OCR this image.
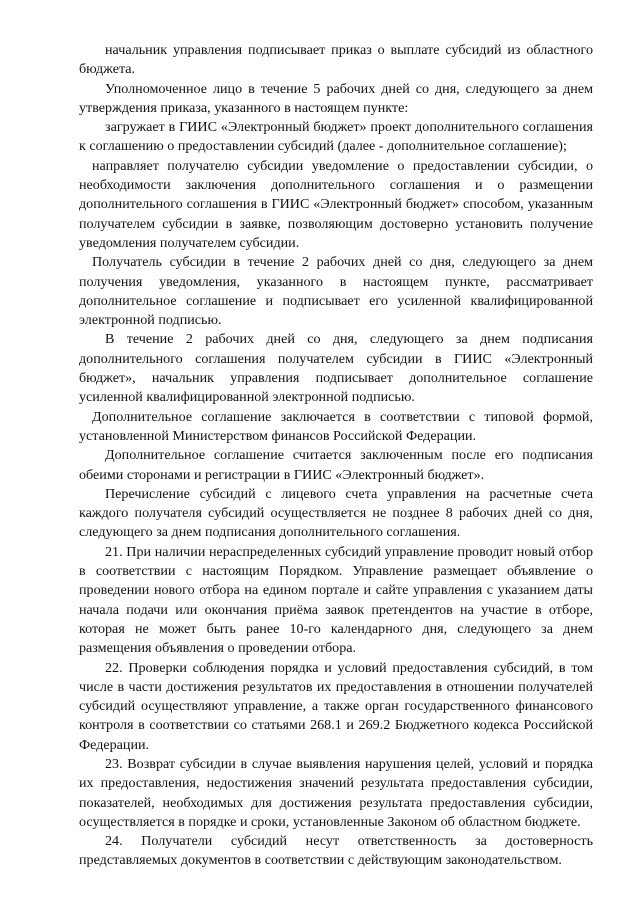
начальник управления подписывает приказ о выплате субсидий из областного бюджета.

Уполномоченное лицо в течение 5 рабочих дней со дня, следующего за днем утверждения приказа, указанного в настоящем пункте:

загружает в ГИИС «Электронный бюджет» проект дополнительного соглашения к соглашению о предоставлении субсидий (далее - дополнительное соглашение);

направляет получателю субсидии уведомление о предоставлении субсидии, о необходимости заключения дополнительного соглашения и о размещении дополнительного соглашения в ГИИС «Электронный бюджет» способом, указанным получателем субсидии в заявке, позволяющим достоверно установить получение уведомления получателем субсидии.

Получатель субсидии в течение 2 рабочих дней со дня, следующего за днем получения уведомления, указанного в настоящем пункте, рассматривает дополнительное соглашение и подписывает его усиленной квалифицированной электронной подписью.

В течение 2 рабочих дней со дня, следующего за днем подписания дополнительного соглашения получателем субсидии в ГИИС «Электронный бюджет», начальник управления подписывает дополнительное соглашение усиленной квалифицированной электронной подписью.

Дополнительное соглашение заключается в соответствии с типовой формой, установленной Министерством финансов Российской Федерации.

Дополнительное соглашение считается заключенным после его подписания обеими сторонами и регистрации в ГИИС «Электронный бюджет».

Перечисление субсидий с лицевого счета управления на расчетные счета каждого получателя субсидий осуществляется не позднее 8 рабочих дней со дня, следующего за днем подписания дополнительного соглашения.

21. При наличии нераспределенных субсидий управление проводит новый отбор в соответствии с настоящим Порядком. Управление размещает объявление о проведении нового отбора на едином портале и сайте управления с указанием даты начала подачи или окончания приёма заявок претендентов на участие в отборе, которая не может быть ранее 10-го календарного дня, следующего за днем размещения объявления о проведении отбора.

22. Проверки соблюдения порядка и условий предоставления субсидий, в том числе в части достижения результатов их предоставления в отношении получателей субсидий осуществляют управление, а также орган государственного финансового контроля в соответствии со статьями 268.1 и 269.2 Бюджетного кодекса Российской Федерации.

23. Возврат субсидии в случае выявления нарушения целей, условий и порядка их предоставления, недостижения значений результата предоставления субсидии, показателей, необходимых для достижения результата предоставления субсидии, осуществляется в порядке и сроки, установленные Законом об областном бюджете.

24. Получатели субсидий несут ответственность за достоверность представляемых документов в соответствии с действующим законодательством.
